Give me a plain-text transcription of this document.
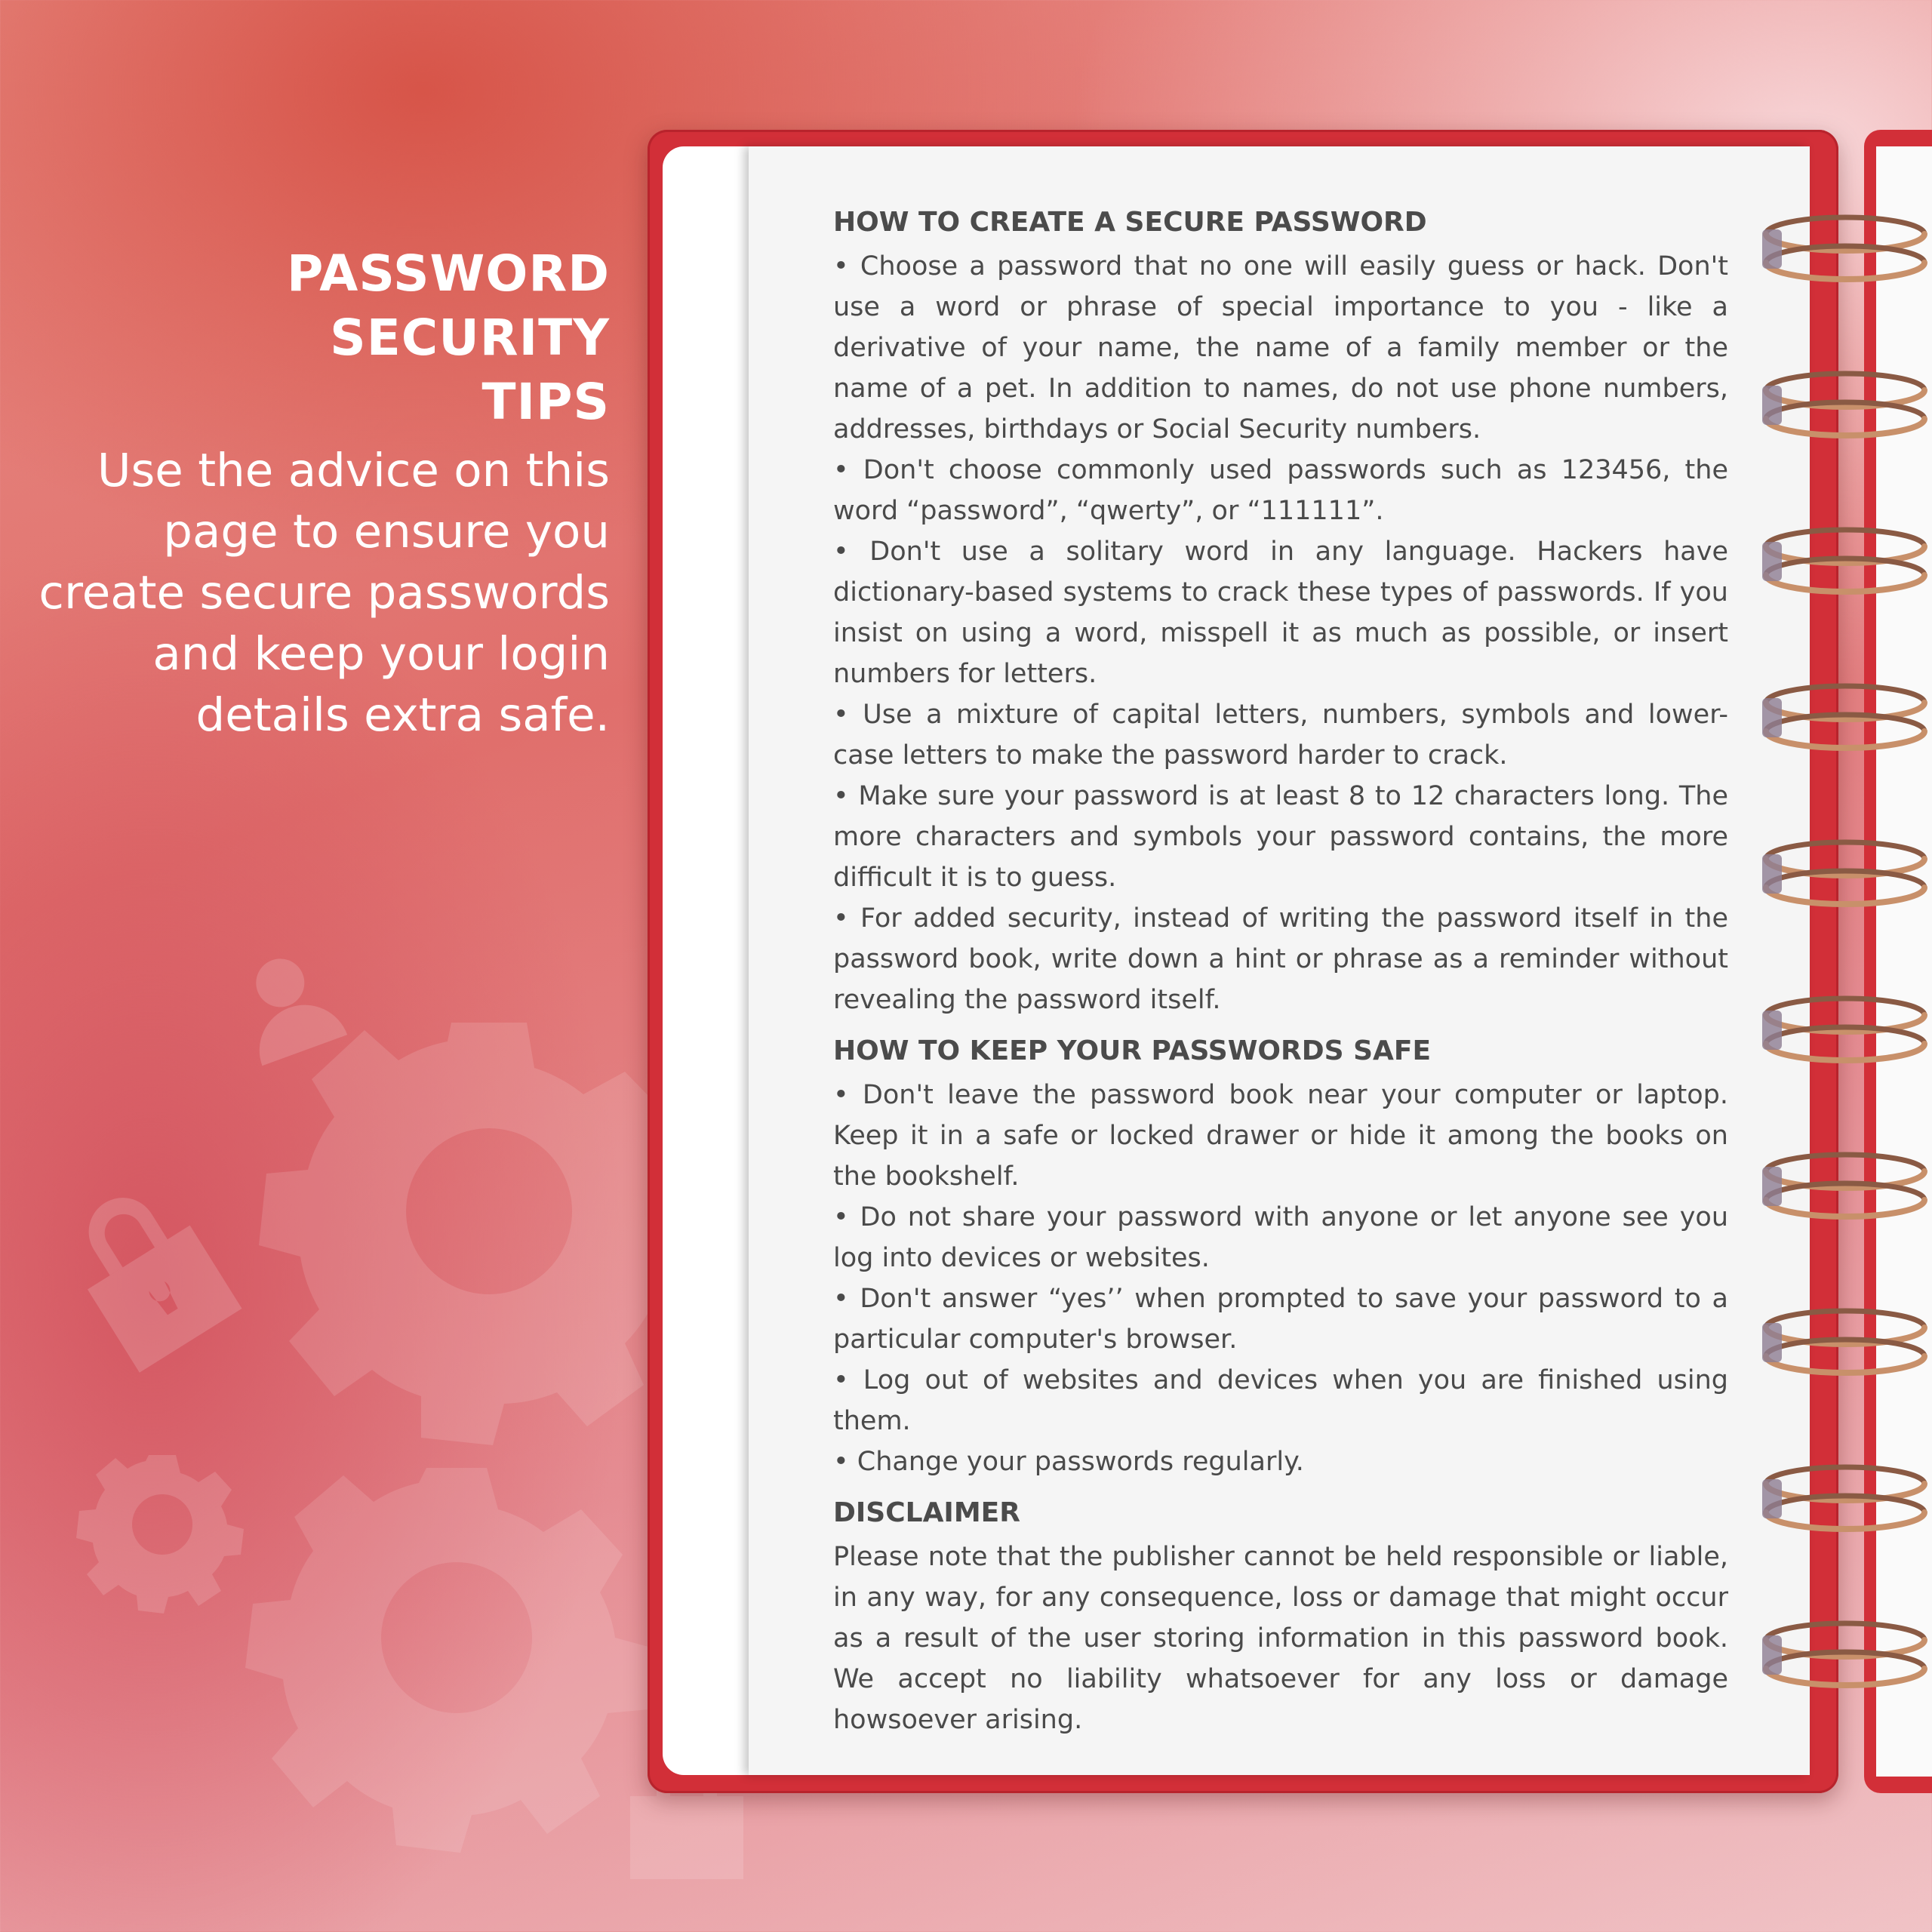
PASSWORD
SECURITY
TIPS

Use the advice on this page to ensure you create secure passwords and keep your login details extra safe.

HOW TO CREATE A SECURE PASSWORD

• Choose a password that no one will easily guess or hack. Don't use a word or phrase of special importance to you - like a derivative of your name, the name of a family member or the name of a pet. In addition to names, do not use phone numbers, addresses, birthdays or Social Security numbers.

• Don't choose commonly used passwords such as 123456, the word “password”, “qwerty”, or “111111”.

• Don't use a solitary word in any language. Hackers have dictionary-based systems to crack these types of passwords. If you insist on using a word, misspell it as much as possible, or insert numbers for letters.

• Use a mixture of capital letters, numbers, symbols and lower-case letters to make the password harder to crack.

• Make sure your password is at least 8 to 12 characters long. The more characters and symbols your password contains, the more difficult it is to guess.

• For added security, instead of writing the password itself in the password book, write down a hint or phrase as a reminder without revealing the password itself.

HOW TO KEEP YOUR PASSWORDS SAFE

• Don't leave the password book near your computer or laptop. Keep it in a safe or locked drawer or hide it among the books on the bookshelf.

• Do not share your password with anyone or let anyone see you log into devices or websites.

• Don't answer “yes’’ when prompted to save your password to a particular computer's browser.

• Log out of websites and devices when you are finished using them.

• Change your passwords regularly.

DISCLAIMER

Please note that the publisher cannot be held responsible or liable, in any way, for any consequence, loss or damage that might occur as a result of the user storing information in this password book. We accept no liability whatsoever for any loss or damage howsoever arising.
